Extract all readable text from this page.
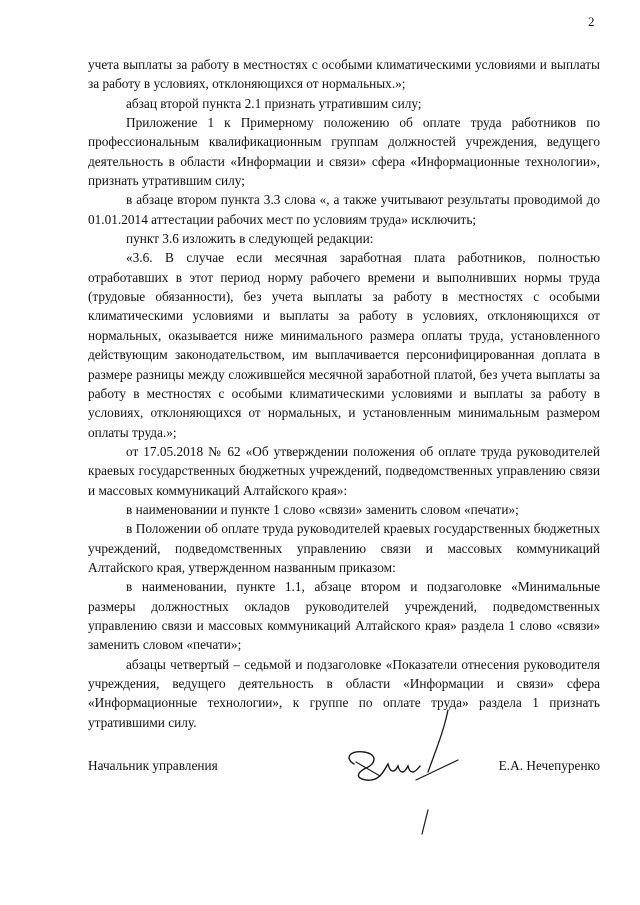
2

учета выплаты за работу в местностях с особыми климатическими условиями и выплаты за работу в условиях, отклоняющихся от нормальных.»;

абзац второй пункта 2.1 признать утратившим силу;

Приложение 1 к Примерному положению об оплате труда работников по профессиональным квалификационным группам должностей учреждения, ведущего деятельность в области «Информации и связи» сфера «Информационные технологии», признать утратившим силу;

в абзаце втором пункта 3.3 слова «, а также учитывают результаты проводимой до 01.01.2014 аттестации рабочих мест по условиям труда» исключить;

пункт 3.6 изложить в следующей редакции:

«3.6. В случае если месячная заработная плата работников, полностью отработавших в этот период норму рабочего времени и выполнивших нормы труда (трудовые обязанности), без учета выплаты за работу в местностях с особыми климатическими условиями и выплаты за работу в условиях, отклоняющихся от нормальных, оказывается ниже минимального размера оплаты труда, установленного действующим законодательством, им выплачивается персонифицированная доплата в размере разницы между сложившейся месячной заработной платой, без учета выплаты за работу в местностях с особыми климатическими условиями и выплаты за работу в условиях, отклоняющихся от нормальных, и установленным минимальным размером оплаты труда.»;

от 17.05.2018 № 62 «Об утверждении положения об оплате труда руководителей краевых государственных бюджетных учреждений, подведомственных управлению связи и массовых коммуникаций Алтайского края»:

в наименовании и пункте 1 слово «связи» заменить словом «печати»;

в Положении об оплате труда руководителей краевых государственных бюджетных учреждений, подведомственных управлению связи и массовых коммуникаций Алтайского края, утвержденном названным приказом:

в наименовании, пункте 1.1, абзаце втором и подзаголовке «Минимальные размеры должностных окладов руководителей учреждений, подведомственных управлению связи и массовых коммуникаций Алтайского края» раздела 1 слово «связи» заменить словом «печати»;

абзацы четвертый – седьмой и подзаголовке «Показатели отнесения руководителя учреждения, ведущего деятельность в области «Информации и связи» сфера «Информационные технологии», к группе по оплате труда» раздела 1 признать утратившими силу.

Начальник управления	Е.А. Нечепуренко
